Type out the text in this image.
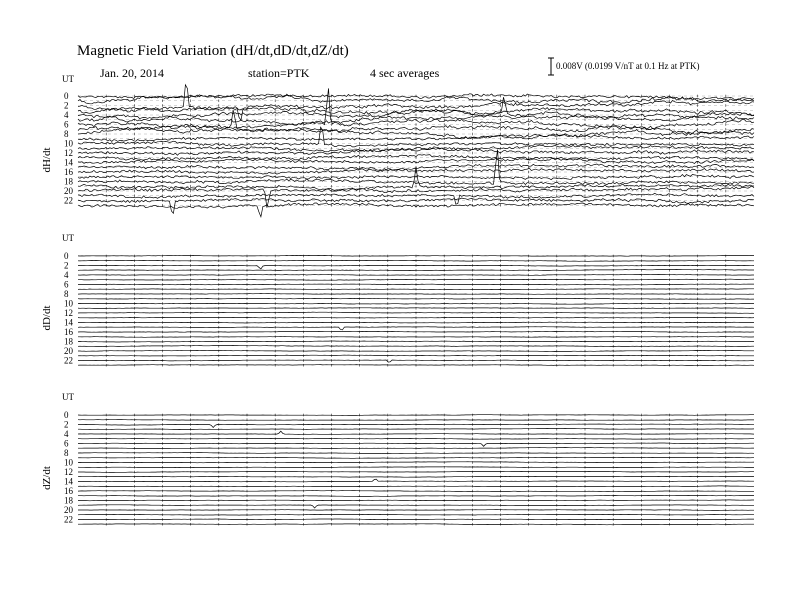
Magnetic Field Variation (dH/dt,dD/dt,dZ/dt)
Jan. 20, 2014	station=PTK	4 sec averages	0.008V (0.0199 V/nT at 0.1 Hz at PTK)
UT
dH/dt
0
2
4
6
8
10
12
14
16
18
20
22
UT
dD/dt
0
2
4
6
8
10
12
14
16
18
20
22
UT
dZ/dt
0
2
4
6
8
10
12
14
16
18
20
22
